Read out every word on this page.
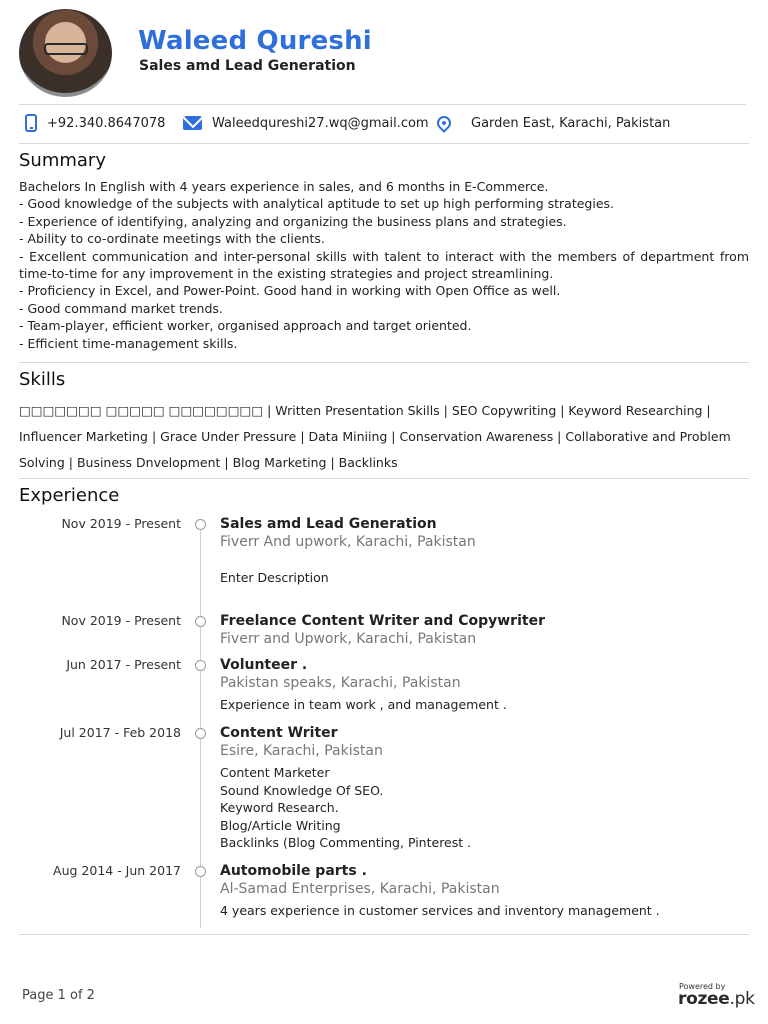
Waleed Qureshi
Sales amd Lead Generation
+92.340.8647078	Waleedqureshi27.wq@gmail.com	Garden East, Karachi, Pakistan
Summary
Bachelors In English with 4 years experience in sales, and 6 months in E-Commerce.
- Good knowledge of the subjects with analytical aptitude to set up high performing strategies.
- Experience of identifying, analyzing and organizing the business plans and strategies.
- Ability to co-ordinate meetings with the clients.
- Excellent communication and inter-personal skills with talent to interact with the members of department from time-to-time for any improvement in the existing strategies and project streamlining.
- Proficiency in Excel, and Power-Point. Good hand in working with Open Office as well.
- Good command market trends.
- Team-player, efficient worker, organised approach and target oriented.
- Efficient time-management skills.
Skills
□□□□□□□ □□□□□ □□□□□□□□ | Written Presentation Skills | SEO Copywriting | Keyword Researching | Influencer Marketing | Grace Under Pressure | Data Miniing | Conservation Awareness | Collaborative and Problem Solving | Business Dnvelopment | Blog Marketing | Backlinks
Experience
Nov 2019 - Present	Sales amd Lead Generation
Fiverr And upwork, Karachi, Pakistan
Enter Description
Nov 2019 - Present	Freelance Content Writer and Copywriter
Fiverr and Upwork, Karachi, Pakistan
Jun 2017 - Present	Volunteer .
Pakistan speaks, Karachi, Pakistan
Experience in team work , and management .
Jul 2017 - Feb 2018	Content Writer
Esire, Karachi, Pakistan
Content Marketer
Sound Knowledge Of SEO.
Keyword Research.
Blog/Article Writing
Backlinks (Blog Commenting, Pinterest .
Aug 2014 - Jun 2017	Automobile parts .
Al-Samad Enterprises, Karachi, Pakistan
4 years experience in customer services and inventory management .
Page 1 of 2
Powered by
rozee.pk
